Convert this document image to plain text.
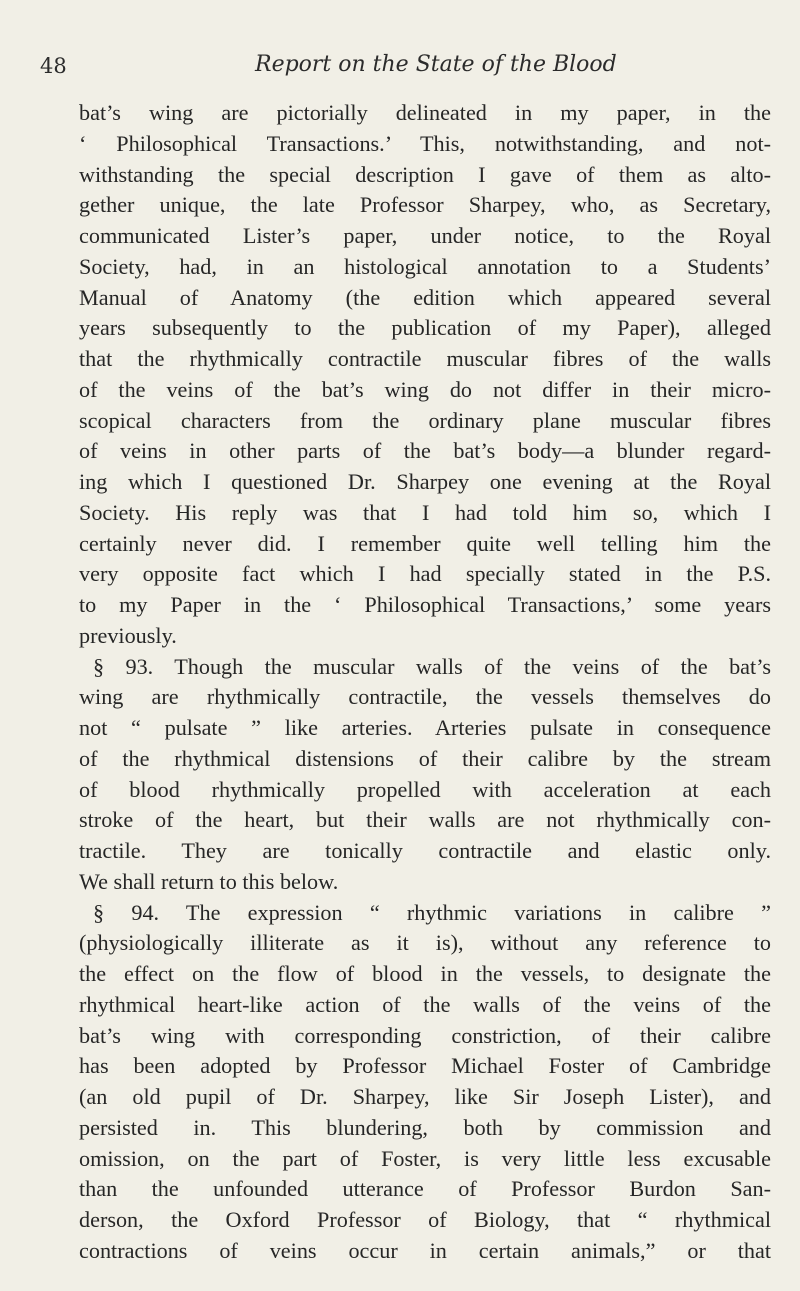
48	Report on the State of the Blood
bat’s wing are pictorially delineated in my paper, in the
‘ Philosophical Transactions.’ This, notwithstanding, and not-
withstanding the special description I gave of them as alto-
gether unique, the late Professor Sharpey, who, as Secretary,
communicated Lister’s paper, under notice, to the Royal
Society, had, in an histological annotation to a Students’
Manual of Anatomy (the edition which appeared several
years subsequently to the publication of my Paper), alleged
that the rhythmically contractile muscular fibres of the walls
of the veins of the bat’s wing do not differ in their micro-
scopical characters from the ordinary plane muscular fibres
of veins in other parts of the bat’s body—a blunder regard-
ing which I questioned Dr. Sharpey one evening at the Royal
Society. His reply was that I had told him so, which I
certainly never did. I remember quite well telling him the
very opposite fact which I had specially stated in the P.S.
to my Paper in the ‘ Philosophical Transactions,’ some years
previously.
§ 93. Though the muscular walls of the veins of the bat’s
wing are rhythmically contractile, the vessels themselves do
not “ pulsate ” like arteries. Arteries pulsate in consequence
of the rhythmical distensions of their calibre by the stream
of blood rhythmically propelled with acceleration at each
stroke of the heart, but their walls are not rhythmically con-
tractile. They are tonically contractile and elastic only.
We shall return to this below.
§ 94. The expression “ rhythmic variations in calibre ”
(physiologically illiterate as it is), without any reference to
the effect on the flow of blood in the vessels, to designate the
rhythmical heart-like action of the walls of the veins of the
bat’s wing with corresponding constriction, of their calibre
has been adopted by Professor Michael Foster of Cambridge
(an old pupil of Dr. Sharpey, like Sir Joseph Lister), and
persisted in. This blundering, both by commission and
omission, on the part of Foster, is very little less excusable
than the unfounded utterance of Professor Burdon San-
derson, the Oxford Professor of Biology, that “ rhythmical
contractions of veins occur in certain animals,” or that
